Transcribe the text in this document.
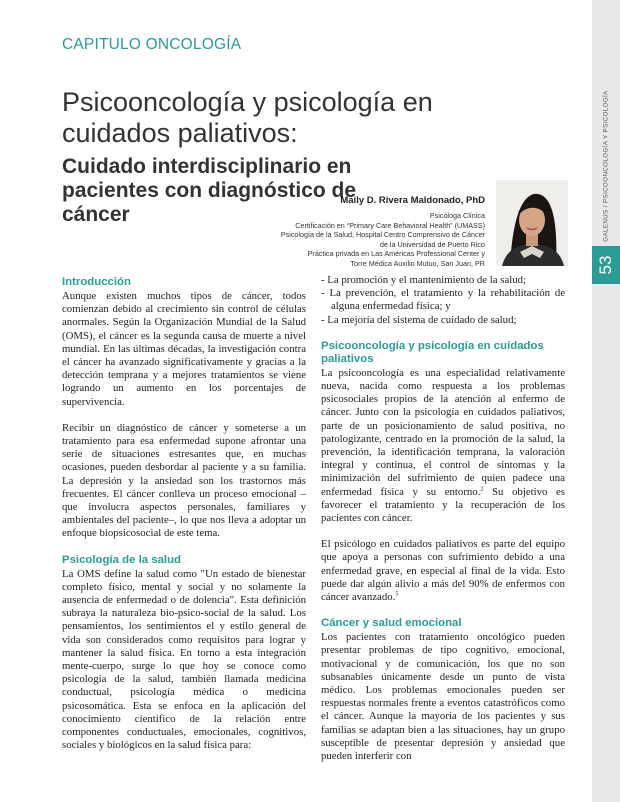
GALENUS / PSICOONCOLOGÍA Y PSICOLOGÍA
53
CAPITULO ONCOLOGÍA
Psicooncología y psicología en cuidados paliativos:
Cuidado interdisciplinario en pacientes con diagnóstico de cáncer
Maily D. Rivera Maldonado, PhD
Psicóloga Clínica
Certificación en “Primary Care Behavioral Health” (UMASS)
Psicología de la Salud, Hospital Centro Comprensivo de Cáncer
de la Universidad de Puerto Rico
Práctica privada en Las Américas Professional Center y
Torre Médica Auxilio Mutuo, San Juan, PR
Introducción

Aunque existen muchos tipos de cáncer, todos comienzan debido al crecimiento sin control de células anormales. Según la Organización Mundial de la Salud (OMS), el cáncer es la segunda causa de muerte a nivel mundial. En las últimas décadas, la investigación contra el cáncer ha avanzado significativamente y gracias a la detección temprana y a mejores tratamientos se viene logrando un aumento en los porcentajes de supervivencia.

Recibir un diagnóstico de cáncer y someterse a un tratamiento para esa enfermedad supone afrontar una serie de situaciones estresantes que, en muchas ocasiones, pueden desbordar al paciente y a su familia. La depresión y la ansiedad son los trastornos más frecuentes. El cáncer conlleva un proceso emocional –que involucra aspectos personales, familiares y ambientales del paciente–, lo que nos lleva a adoptar un enfoque biopsicosocial de este tema.

Psicología de la salud

La OMS define la salud como "Un estado de bienestar completo físico, mental y social y no solamente la ausencia de enfermedad o de dolencia". Esta definición subraya la naturaleza bio-psico-social de la salud. Los pensamientos, los sentimientos el y estilo general de vida son considerados como requisitos para lograr y mantener la salud física. En torno a esta integración mente-cuerpo, surge lo que hoy se conoce como psicología de la salud, también llamada medicina conductual, psicología médica o medicina psicosomática. Esta se enfoca en la aplicación del conocimiento científico de la relación entre componentes conductuales, emocionales, cognitivos, sociales y biológicos en la salud física para:

- La promoción y el mantenimiento de la salud;
- La prevención, el tratamiento y la rehabilitación de alguna enfermedad física; y
- La mejoría del sistema de cuidado de salud;
Psicooncología y psicología en cuidados paliativos

La psicooncología es una especialidad relativamente nueva, nacida como respuesta a los problemas psicosociales propios de la atención al enfermo de cáncer. Junto con la psicología en cuidados paliativos, parte de un posicionamiento de salud positiva, no patologizante, centrado en la promoción de la salud, la prevención, la identificación temprana, la valoración integral y continua, el control de síntomas y la minimización del sufrimiento de quien padece una enfermedad física y su entorno.$^2$ Su objetivo es favorecer el tratamiento y la recuperación de los pacientes con cáncer.

El psicólogo en cuidados paliativos es parte del equipo que apoya a personas con sufrimiento debido a una enfermedad grave, en especial al final de la vida. Esto puede dar algún alivio a más del 90% de enfermos con cáncer avanzado.$^5$

Cáncer y salud emocional

Los pacientes con tratamiento oncológico pueden presentar problemas de tipo cognitivo, emocional, motivacional y de comunicación, los que no son subsanables únicamente desde un punto de vista médico. Los problemas emocionales pueden ser respuestas normales frente a eventos catastróficos como el cáncer. Aunque la mayoría de los pacientes y sus familias se adaptan bien a las situaciones, hay un grupo susceptible de presentar depresión y ansiedad que pueden interferir con
